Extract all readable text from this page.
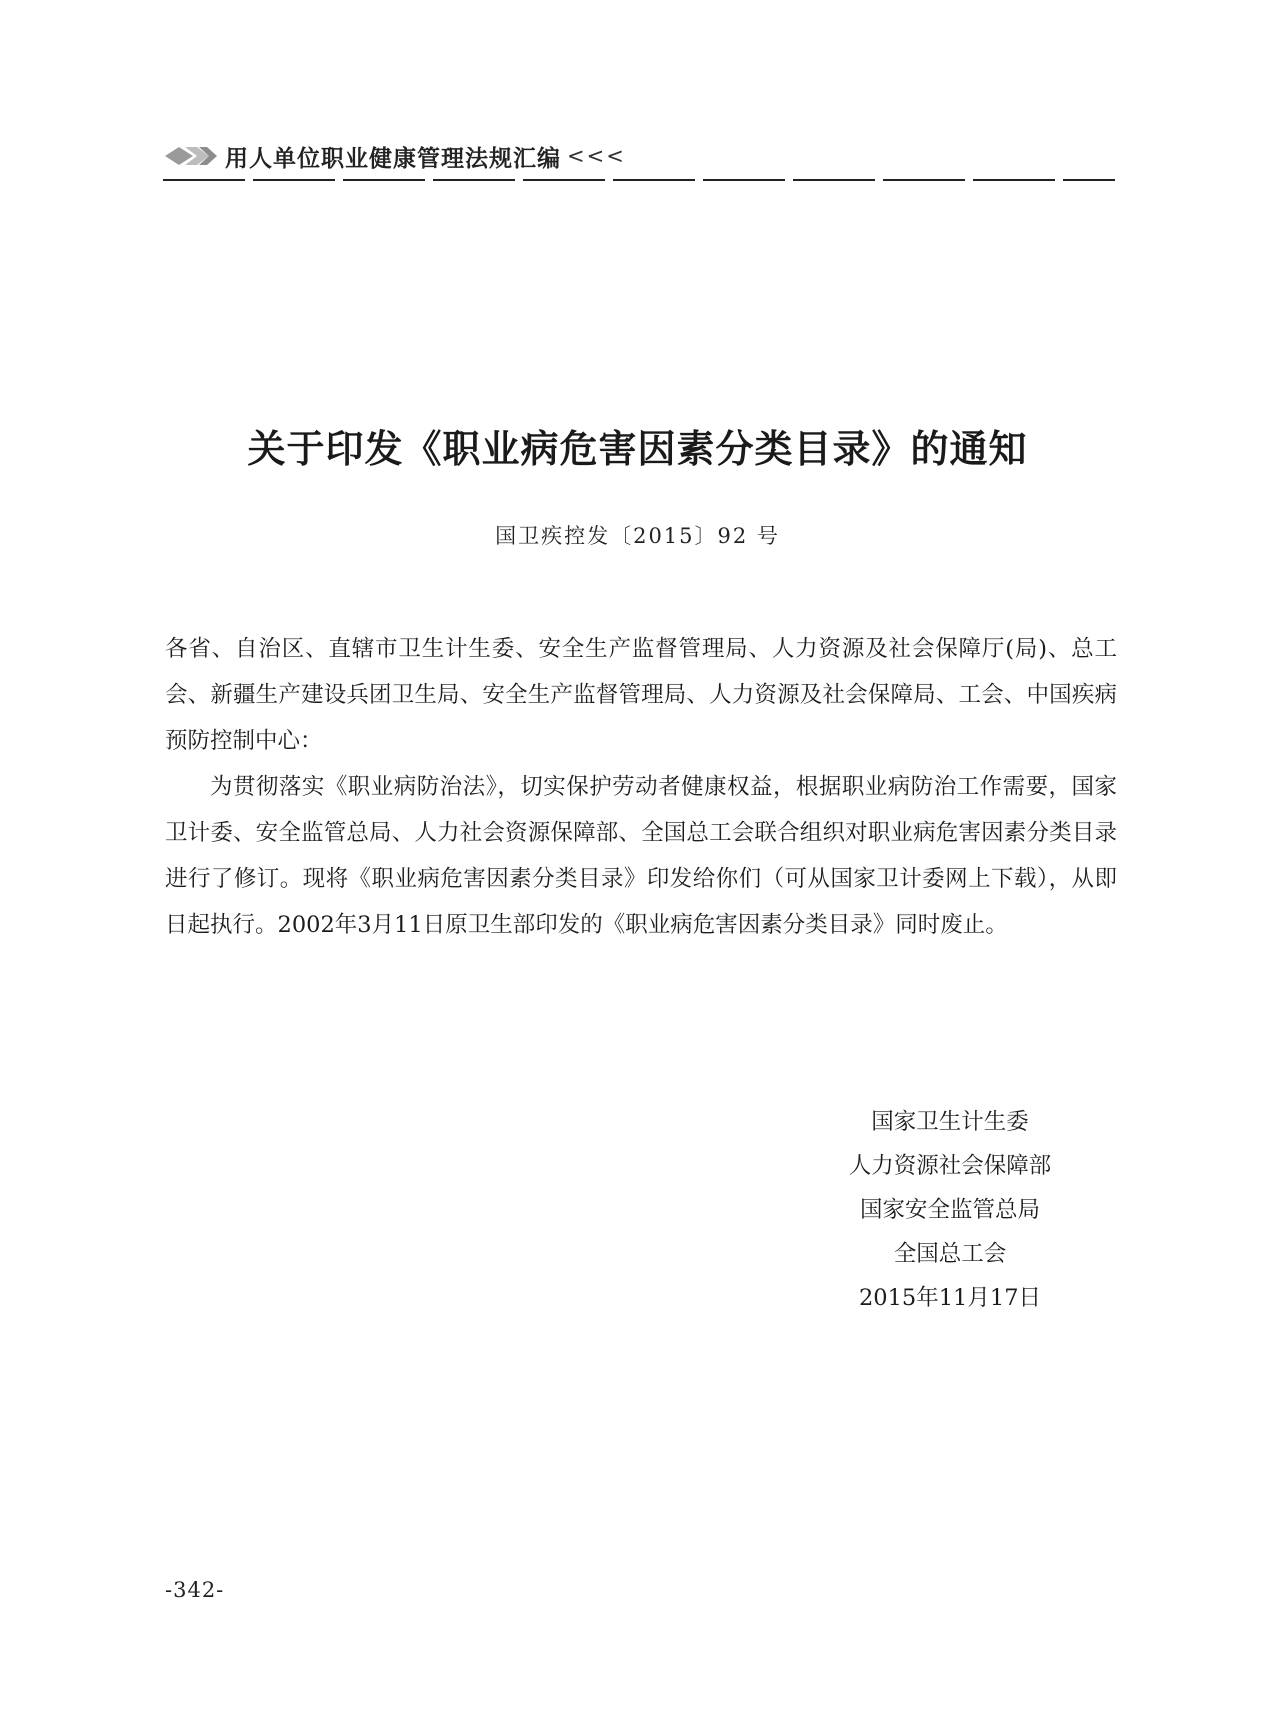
用人单位职业健康管理法规汇编 <<<
关于印发《职业病危害因素分类目录》的通知
国卫疾控发〔2015〕92 号

各省、自治区、直辖市卫生计生委、安全生产监督管理局、人力资源及社会保障厅(局)、总工会、新疆生产建设兵团卫生局、安全生产监督管理局、人力资源及社会保障局、工会、中国疾病预防控制中心：

为贯彻落实《职业病防治法》，切实保护劳动者健康权益，根据职业病防治工作需要，国家卫计委、安全监管总局、人力社会资源保障部、全国总工会联合组织对职业病危害因素分类目录进行了修订。现将《职业病危害因素分类目录》印发给你们（可从国家卫计委网上下载），从即日起执行。2002年3月11日原卫生部印发的《职业病危害因素分类目录》同时废止。

国家卫生计生委
人力资源社会保障部
国家安全监管总局
全国总工会
2015年11月17日
-342-
